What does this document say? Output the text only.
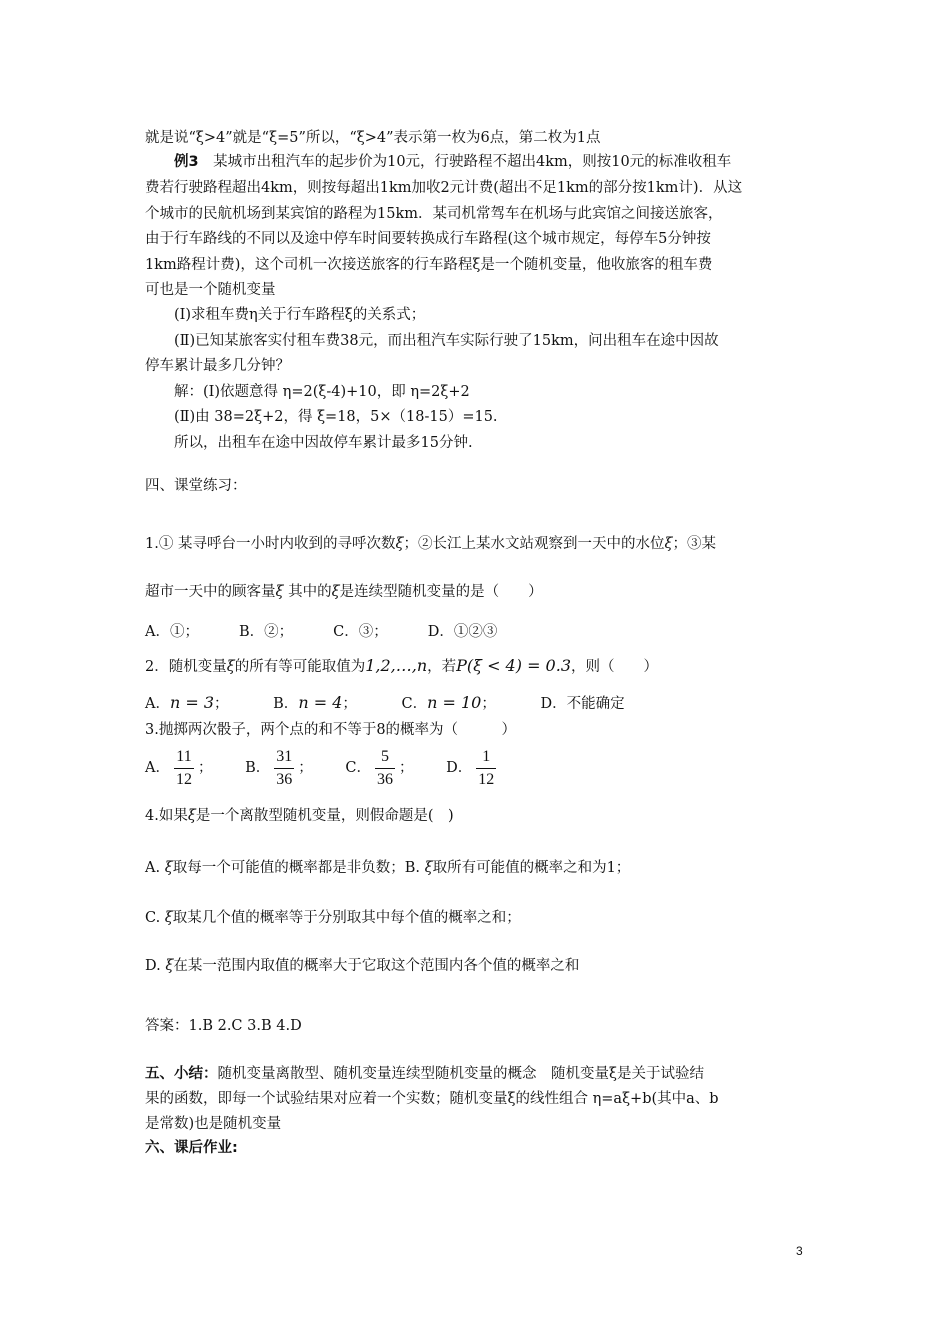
就是说“ξ>4”就是“ξ=5”所以，“ξ>4”表示第一枚为6点，第二枚为1点
例3　 某城市出租汽车的起步价为10元，行驶路程不超出4km，则按10元的标准收租车
费若行驶路程超出4km，则按每超出1km加收2元计费(超出不足1km的部分按1km计)．从这
个城市的民航机场到某宾馆的路程为15km．某司机常驾车在机场与此宾馆之间接送旅客，
由于行车路线的不同以及途中停车时间要转换成行车路程(这个城市规定，每停车5分钟按
1km路程计费)，这个司机一次接送旅客的行车路程ξ是一个随机变量，他收旅客的租车费
可也是一个随机变量
(Ⅰ)求租车费η关于行车路程ξ的关系式；
(Ⅱ)已知某旅客实付租车费38元，而出租汽车实际行驶了15km，问出租车在途中因故
停车累计最多几分钟？
解：(Ⅰ)依题意得 η=2(ξ-4)+10，即 η=2ξ+2
(Ⅱ)由 38=2ξ+2，得 ξ=18，5×（18-15）=15.
所以，出租车在途中因故停车累计最多15分钟.
四、课堂练习：
1.① 某寻呼台一小时内收到的寻呼次数ξ；②长江上某水文站观察到一天中的水位ξ；③某
超市一天中的顾客量ξ 其中的ξ是连续型随机变量的是（　　）
A．①；	B．②；	C．③；	D．①②③
2．随机变量ξ的所有等可能取值为1,2,…,n，若P(ξ < 4) = 0.3，则（　　）
A．n = 3；	B．n = 4；	C．n = 10；	D．不能确定
3.抛掷两次骰子，两个点的和不等于8的概率为（　　　）
A． $\frac{11}{12}$ ； B． $\frac{31}{36}$ ； C． $\frac{5}{36}$ ； D． $\frac{1}{12}$
4.如果ξ是一个离散型随机变量，则假命题是(　)
A. ξ取每一个可能值的概率都是非负数；B. ξ取所有可能值的概率之和为1；
C. ξ取某几个值的概率等于分别取其中每个值的概率之和；
D. ξ在某一范围内取值的概率大于它取这个范围内各个值的概率之和
答案：1.B 2.C 3.B 4.D
五、小结：随机变量离散型、随机变量连续型随机变量的概念　随机变量ξ是关于试验结
果的函数，即每一个试验结果对应着一个实数；随机变量ξ的线性组合 η=aξ+b(其中a、b
是常数)也是随机变量
六、课后作业:
3
